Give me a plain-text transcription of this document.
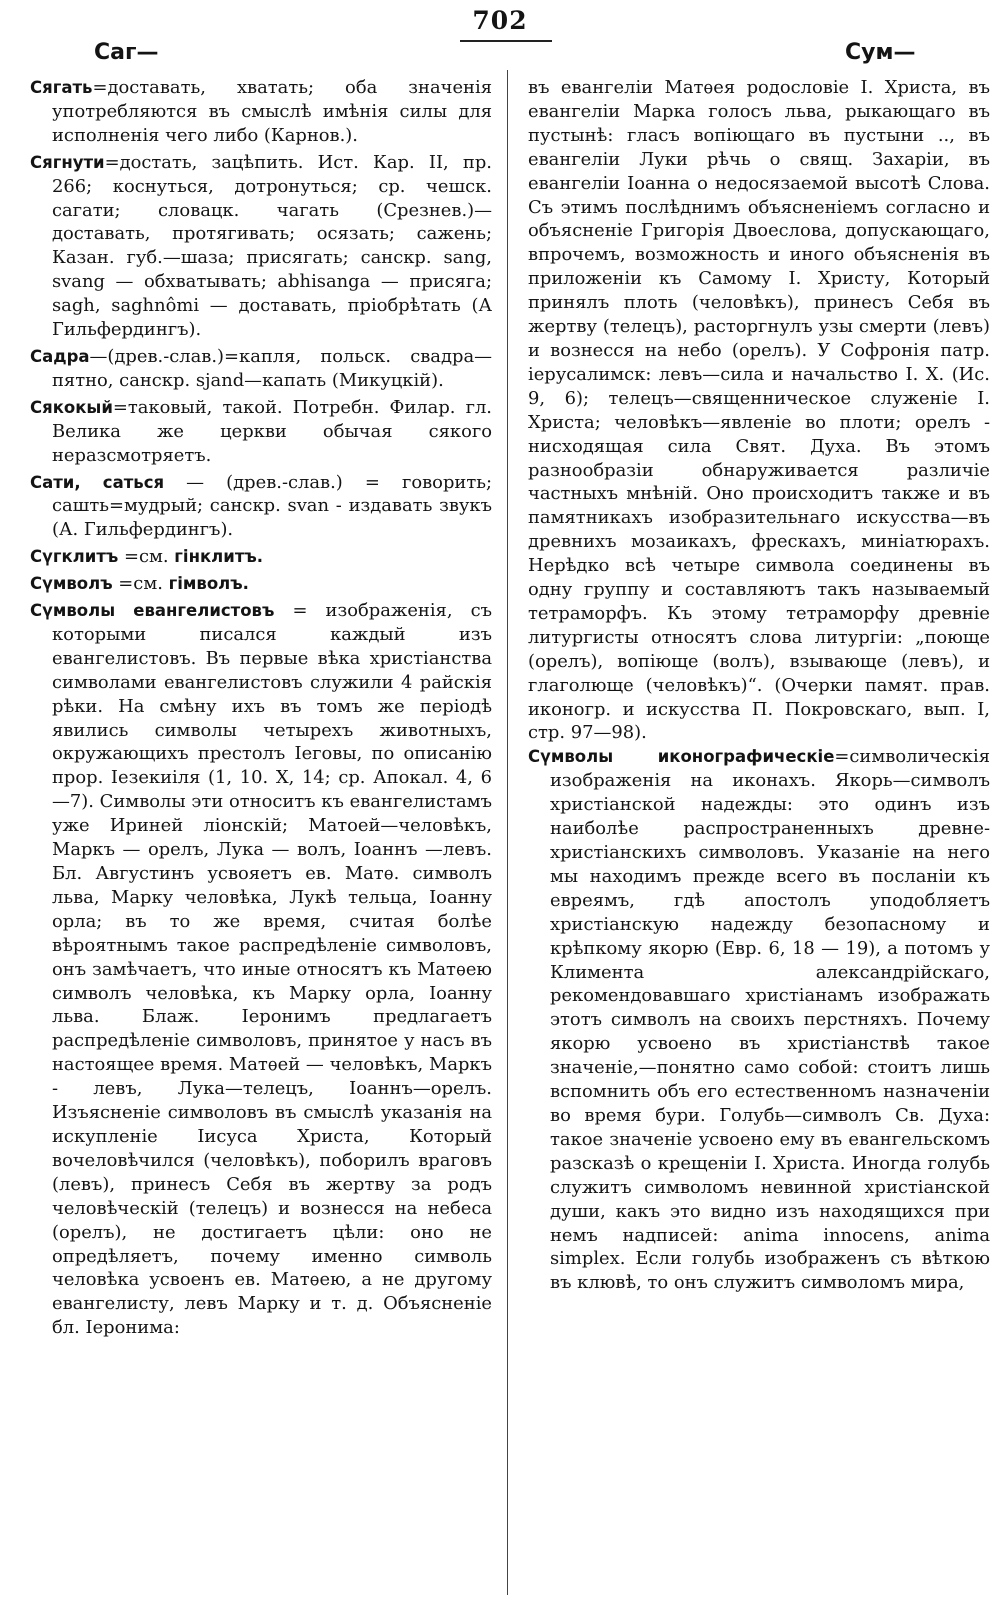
702
Саг—	Сум—

Сягать=доставать, хватать; оба значенія употребляются въ смыслѣ имѣнія силы для исполненія чего либо (Карнов.).

Сягнути=достать, зацѣпить. Ист. Кар. II, пр. 266; коснуться, дотронуться; ср. чешск. сагати; словацк. чагать (Срезнев.)—доставать, протягивать; осязать; сажень; Казан. губ.—шаза; присягать; санскр. sang, svang — обхватывать; abhisanga — присяга; sagh, saghnômi — доставать, пріобрѣтать (А Гильфердингъ).

Садра—(древ.-слав.)=капля, польск. свадра—пятно, санскр. sjand—капать (Микуцкій).

Сякокый=таковый, такой. Потребн. Филар. гл. Велика же церкви обычая сякого неразсмотряетъ.

Сати, саться — (древ.-слав.) = говорить; сашть=мудрый; санскр. svan - издавать звукъ (А. Гильфердингъ).

Сүгклитъ =см. гінклитъ.

Сүмволъ =см. гімволъ.

Сүмволы евангелистовъ = изображенія, съ которыми писался каждый изъ евангелистовъ. Въ первые вѣка христіанства символами евангелистовъ служили 4 райскія рѣки. На смѣну ихъ въ томъ же періодѣ явились символы четырехъ животныхъ, окружающихъ престолъ Іеговы, по описанію прор. Іезекиіля (1, 10. X, 14; ср. Апокал. 4, 6—7). Символы эти относитъ къ евангелистамъ уже Ириней ліонскій; Матоей—человѣкъ, Маркъ — орелъ, Лука — волъ, Іоаннъ —левъ. Бл. Августинъ усвояетъ ев. Матѳ. символъ льва, Марку человѣка, Лукѣ тельца, Іоанну орла; въ то же время, считая болѣе вѣроятнымъ такое распредѣленіе символовъ, онъ замѣчаетъ, что иные относятъ къ Матѳею символъ человѣка, къ Марку орла, Іоанну льва. Блаж. Іеронимъ предлагаетъ распредѣленіе символовъ, принятое у насъ въ настоящее время. Матѳей — человѣкъ, Маркъ - левъ, Лука—телецъ, Іоаннъ—орелъ. Изъясненіе символовъ въ смыслѣ указанія на искупленіе Іисуса Христа, Который вочеловѣчился (человѣкъ), поборилъ враговъ (левъ), принесъ Себя въ жертву за родъ человѣческій (телецъ) и вознесся на небеса (орелъ), не достигаетъ цѣли: оно не опредѣляетъ, почему именно символь человѣка усвоенъ ев. Матѳею, а не другому евангелисту, левъ Марку и т. д. Объясненіе бл. Іеронима:

въ евангеліи Матѳея родословіе І. Христа, въ евангеліи Марка голосъ льва, рыкающаго въ пустынѣ: гласъ вопіющаго въ пустыни .., въ евангеліи Луки рѣчь о свящ. Захаріи, въ евангеліи Іоанна о недосязаемой высотѣ Слова. Съ этимъ послѣднимъ объясненіемъ согласно и объясненіе Григорія Двоеслова, допускающаго, впрочемъ, возможность и иного объясненія въ приложеніи къ Самому І. Христу, Который принялъ плоть (человѣкъ), принесъ Себя въ жертву (телецъ), расторгнулъ узы смерти (левъ) и вознесся на небо (орелъ). У Софронія патр. іерусалимск: левъ—сила и начальство І. Х. (Ис. 9, 6); телецъ—священническое служеніе І. Христа; человѣкъ—явленіе во плоти; орелъ - нисходящая сила Свят. Духа. Въ этомъ разнообразіи обнаруживается различіе частныхъ мнѣній. Оно происходитъ также и въ памятникахъ изобразительнаго искусства—въ древнихъ мозаикахъ, фрескахъ, миніатюрахъ. Нерѣдко всѣ четыре символа соединены въ одну группу и составляютъ такъ называемый тетраморфъ. Къ этому тетраморфу древніе литургисты относятъ слова литургіи: „поюще (орелъ), вопіюще (волъ), взывающе (левъ), и глаголюще (человѣкъ)“. (Очерки памят. прав. иконогр. и искусства П. Покровскаго, вып. I, стр. 97—98).

Сүмволы иконографическіе=символическія изображенія на иконахъ. Якорь—символъ христіанской надежды: это одинъ изъ наиболѣе распространенныхъ древне-христіанскихъ символовъ. Указаніе на него мы находимъ прежде всего въ посланіи къ евреямъ, гдѣ апостолъ уподобляетъ христіанскую надежду безопасному и крѣпкому якорю (Евр. 6, 18 — 19), а потомъ у Климента александрійскаго, рекомендовавшаго христіанамъ изображать этотъ символъ на своихъ перстняхъ. Почему якорю усвоено въ христіанствѣ такое значеніе,—понятно само собой: стоитъ лишь вспомнить объ его естественномъ назначеніи во время бури. Голубь—символъ Св. Духа: такое значеніе усвоено ему въ евангельскомъ разсказѣ о крещеніи І. Христа. Иногда голубь служитъ символомъ невинной христіанской души, какъ это видно изъ находящихся при немъ надписей: anima innocens, anima simplex. Если голубь изображенъ съ вѣткою въ клювѣ, то онъ служитъ символомъ мира,
